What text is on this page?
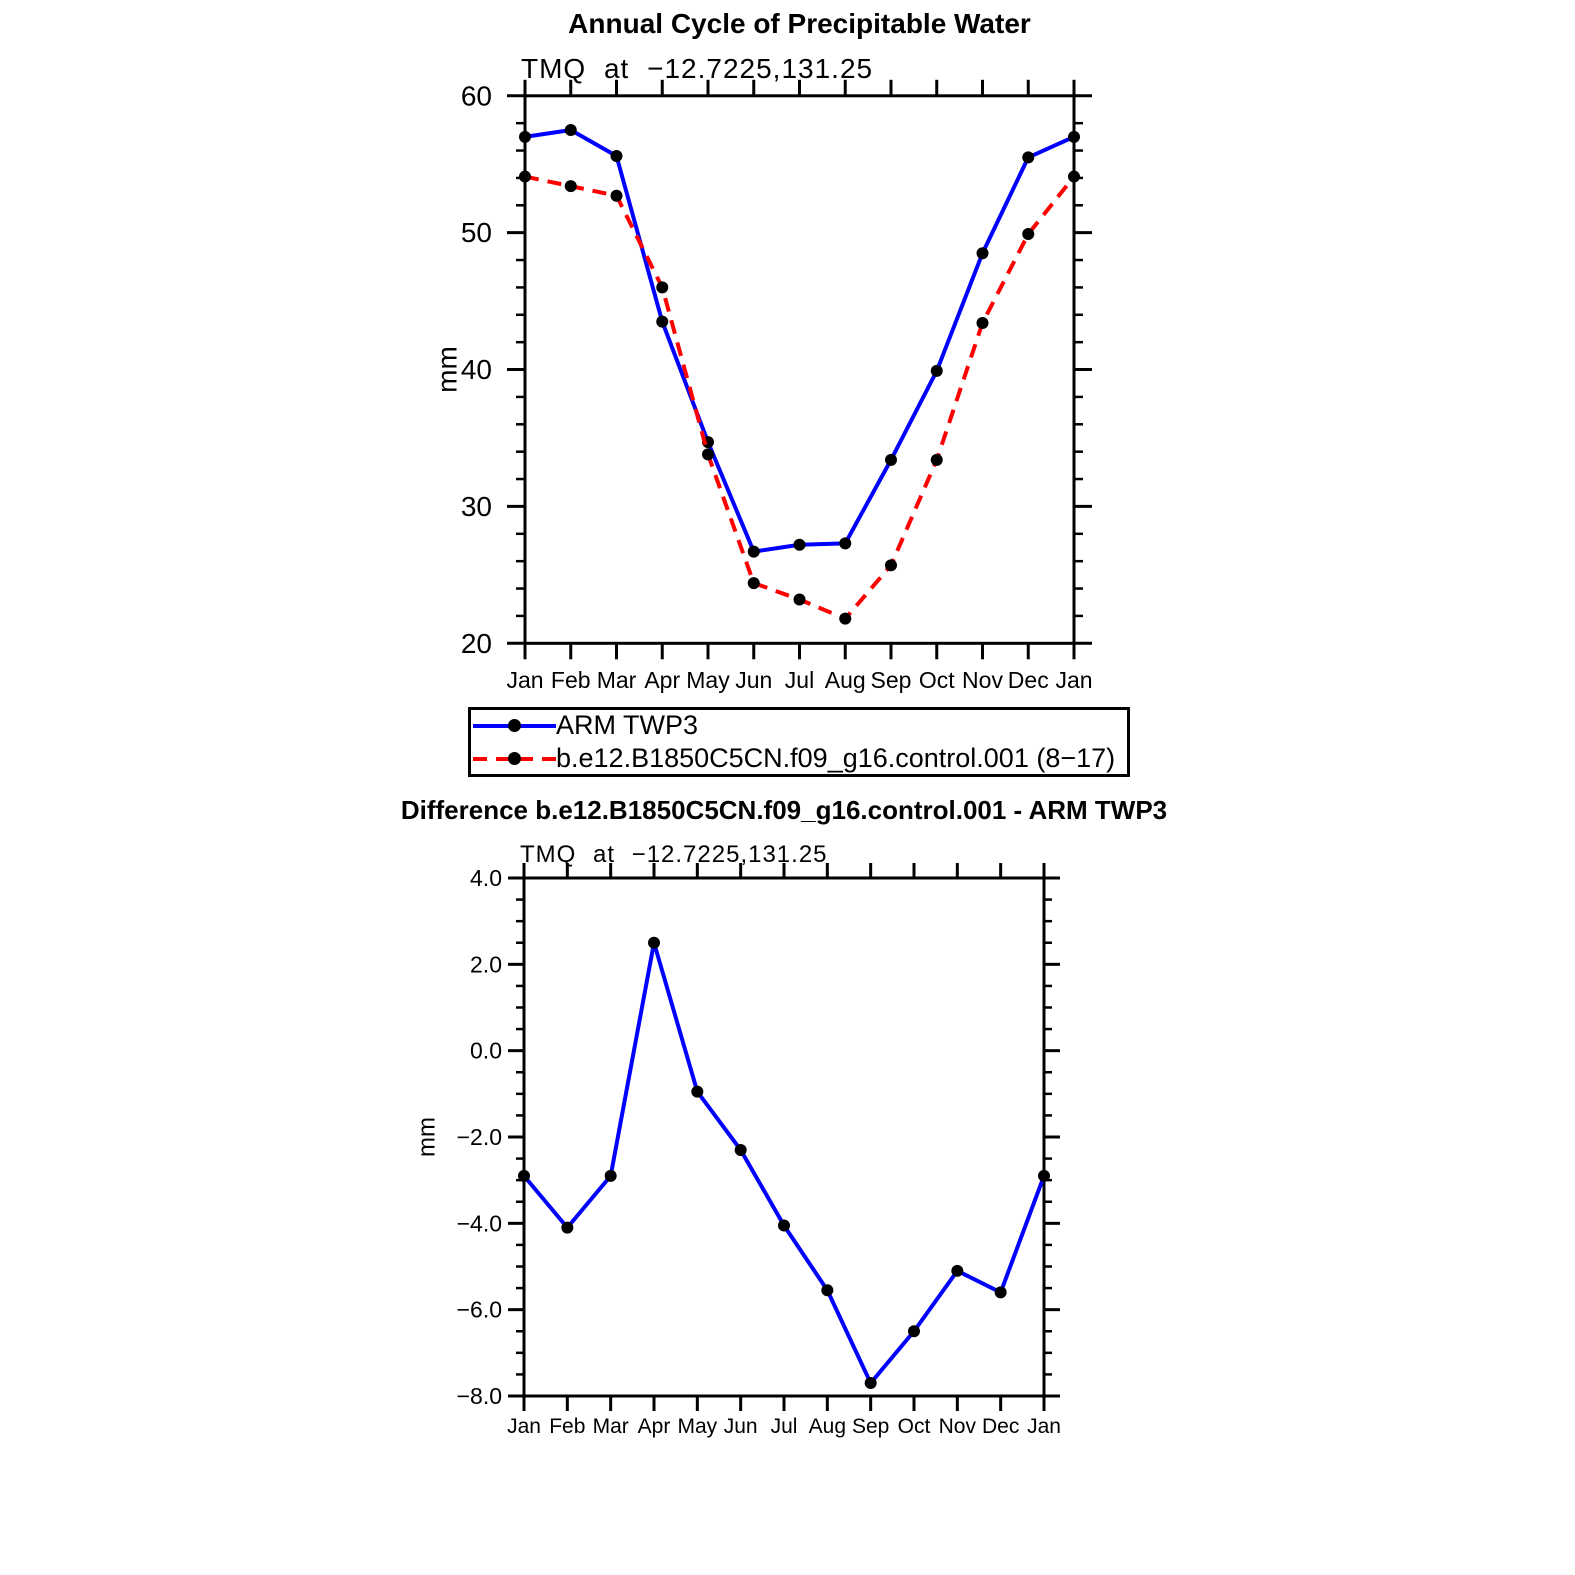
Annual Cycle of Precipitable Water
TMQ at −12.7225,131.25
Difference b.e12.B1850C5CN.f09_g16.control.001 - ARM TWP3
TMQ at −12.7225,131.25
20
30
40
50
60
Jan Feb Mar Apr May Jun Jul Aug Sep Oct Nov Dec Jan
mm
−8.0
−6.0
−4.0
−2.0
0.0
2.0
4.0
Jan Feb Mar Apr May Jun Jul Aug Sep Oct Nov Dec Jan
mm
ARM TWP3
b.e12.B1850C5CN.f09_g16.control.001 (8−17)
